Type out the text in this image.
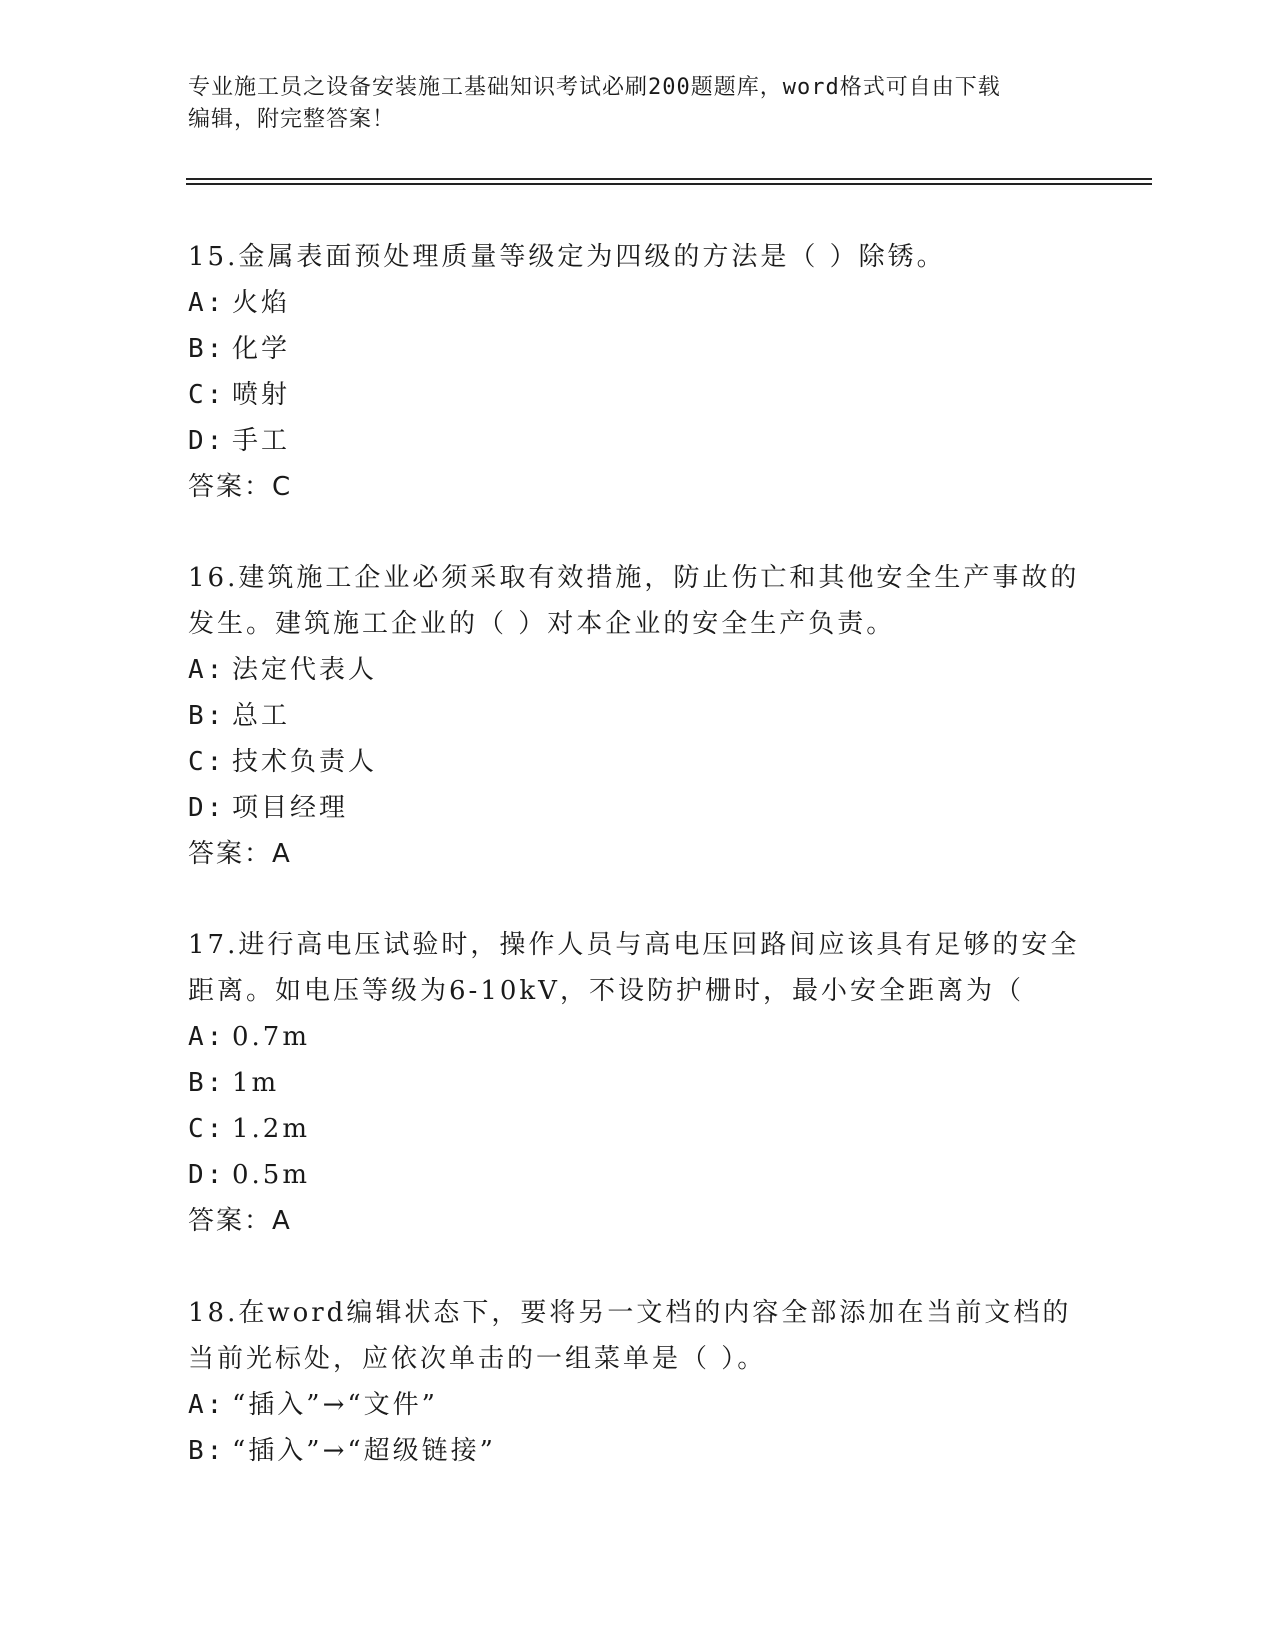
专业施工员之设备安装施工基础知识考试必刷200题题库，word格式可自由下载
编辑，附完整答案！

15.金属表面预处理质量等级定为四级的方法是（ ）除锈。

A: 火焰

B: 化学

C: 喷射

D: 手工

答案：C

16.建筑施工企业必须采取有效措施，防止伤亡和其他安全生产事故的

发生。建筑施工企业的（ ）对本企业的安全生产负责。

A: 法定代表人

B: 总工

C: 技术负责人

D: 项目经理

答案：A

17.进行高电压试验时，操作人员与高电压回路间应该具有足够的安全

距离。如电压等级为6-10kV，不设防护栅时，最小安全距离为（

A: 0.7m

B: 1m

C: 1.2m

D: 0.5m

答案：A

18.在word编辑状态下，要将另一文档的内容全部添加在当前文档的

当前光标处，应依次单击的一组菜单是（ ）。

A: “插入”→“文件”

B: “插入”→“超级链接”
